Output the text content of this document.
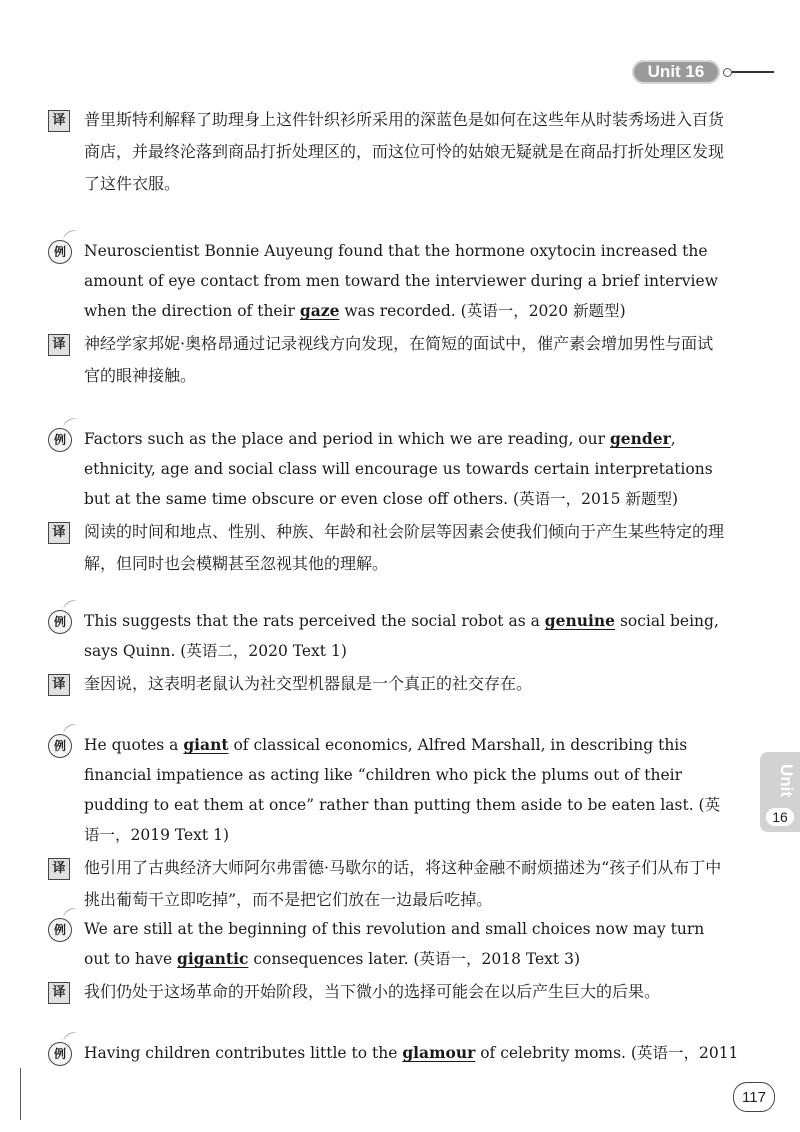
Unit 16
Unit
16

译 普里斯特利解释了助理身上这件针织衫所采用的深蓝色是如何在这些年从时装秀场进入百货商店，并最终沦落到商品打折处理区的，而这位可怜的姑娘无疑就是在商品打折处理区发现了这件衣服。

例	Neuroscientist Bonnie Auyeung found that the hormone oxytocin increased the amount of eye contact from men toward the interviewer during a brief interview when the direction of their gaze was recorded. (英语一，2020 新题型)

译 神经学家邦妮·奥格昂通过记录视线方向发现，在简短的面试中，催产素会增加男性与面试官的眼神接触。

例	Factors such as the place and period in which we are reading, our gender, ethnicity, age and social class will encourage us towards certain interpretations but at the same time obscure or even close off others. (英语一，2015 新题型)

译 阅读的时间和地点、性别、种族、年龄和社会阶层等因素会使我们倾向于产生某些特定的理解，但同时也会模糊甚至忽视其他的理解。

例	This suggests that the rats perceived the social robot as a genuine social being, says Quinn. (英语二，2020 Text 1)

译 奎因说，这表明老鼠认为社交型机器鼠是一个真正的社交存在。

例	He quotes a giant of classical economics, Alfred Marshall, in describing this financial impatience as acting like “children who pick the plums out of their pudding to eat them at once” rather than putting them aside to be eaten last. (英语一，2019 Text 1)

译 他引用了古典经济大师阿尔弗雷德·马歇尔的话，将这种金融不耐烦描述为“孩子们从布丁中挑出葡萄干立即吃掉”，而不是把它们放在一边最后吃掉。

例	We are still at the beginning of this revolution and small choices now may turn out to have gigantic consequences later. (英语一，2018 Text 3)

译 我们仍处于这场革命的开始阶段，当下微小的选择可能会在以后产生巨大的后果。

例	Having children contributes little to the glamour of celebrity moms. (英语一，2011

117
